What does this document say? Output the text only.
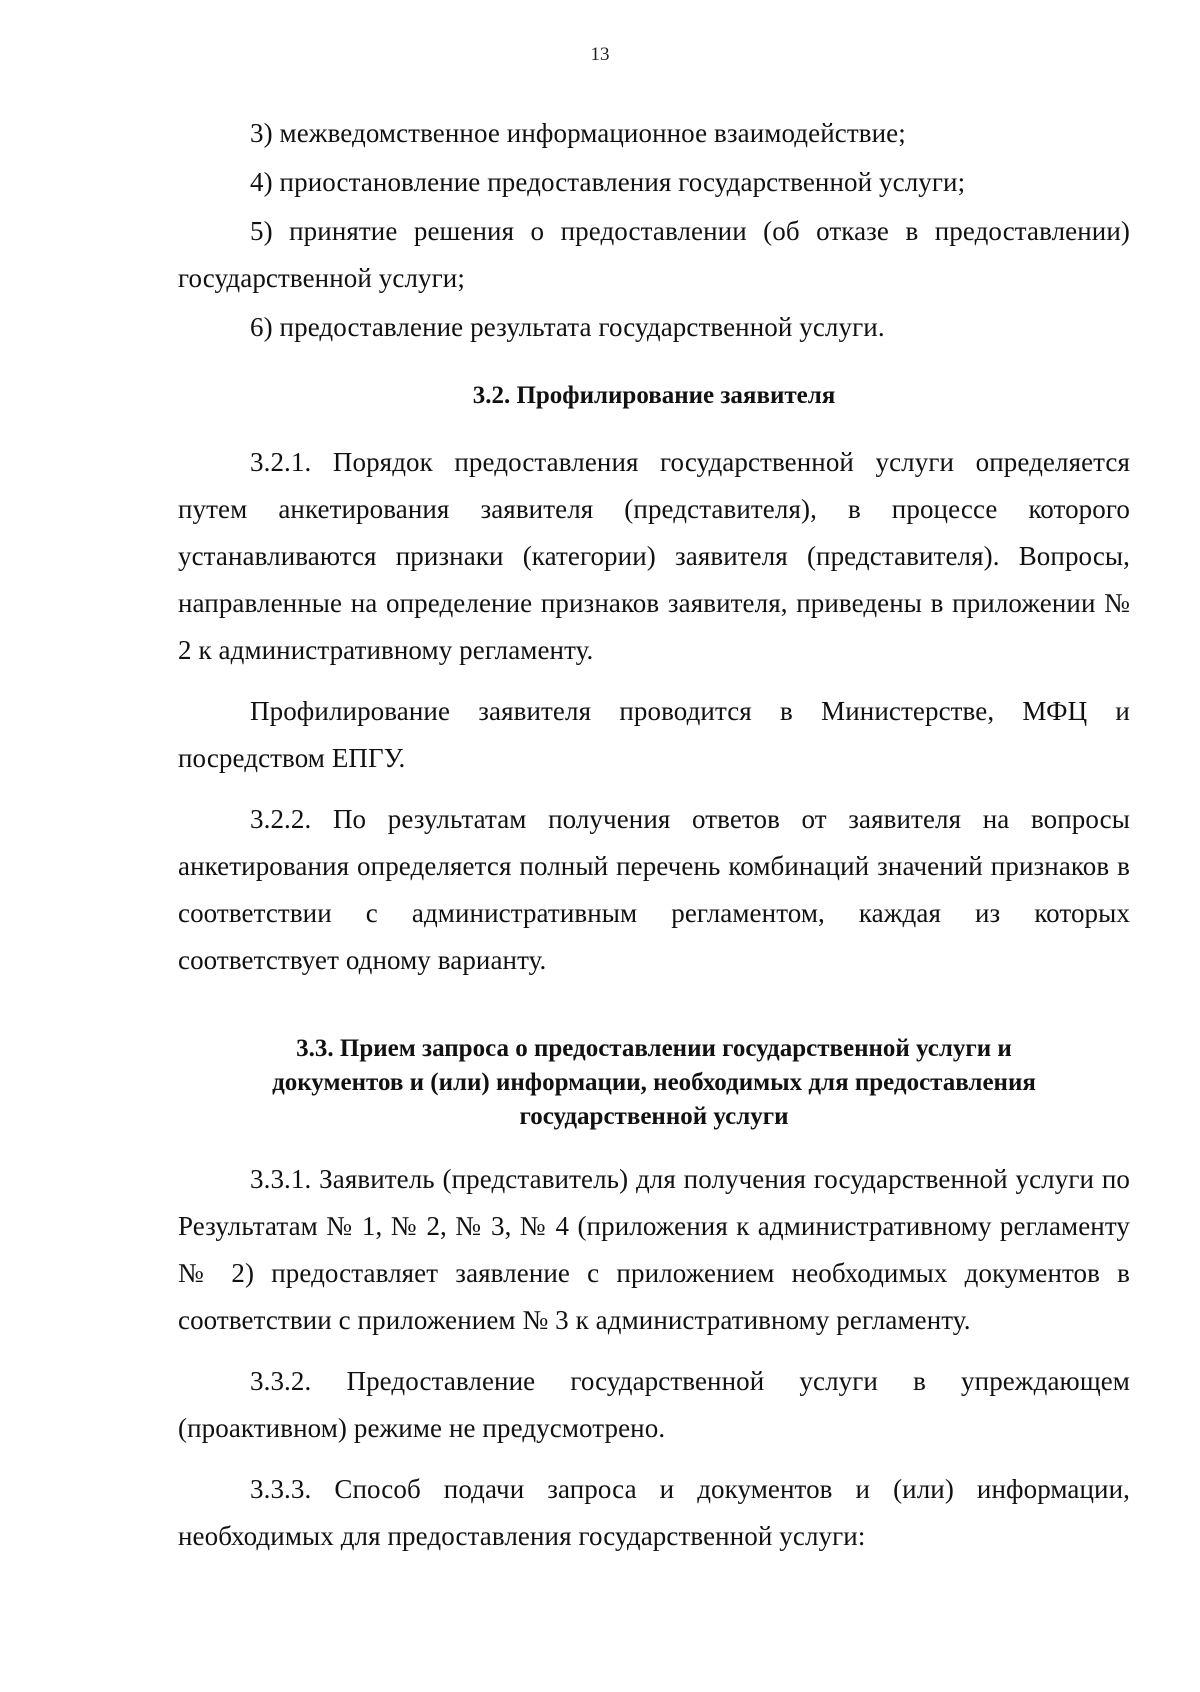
13

3) межведомственное информационное взаимодействие;

4) приостановление предоставления государственной услуги;

5) принятие решения о предоставлении (об отказе в предоставлении) государственной услуги;

6) предоставление результата государственной услуги.

3.2. Профилирование заявителя

3.2.1. Порядок предоставления государственной услуги определяется путем анкетирования заявителя (представителя), в процессе которого устанавливаются признаки (категории) заявителя (представителя). Вопросы, направленные на определение признаков заявителя, приведены в приложении № 2 к административному регламенту.

Профилирование заявителя проводится в Министерстве, МФЦ и посредством ЕПГУ.

3.2.2. По результатам получения ответов от заявителя на вопросы анкетирования определяется полный перечень комбинаций значений признаков в соответствии с административным регламентом, каждая из которых соответствует одному варианту.

3.3. Прием запроса о предоставлении государственной услуги и
документов и (или) информации, необходимых для предоставления
государственной услуги

3.3.1. Заявитель (представитель) для получения государственной услуги по Результатам № 1, № 2, № 3, № 4 (приложения к административному регламенту № 2) предоставляет заявление с приложением необходимых документов в соответствии с приложением № 3 к административному регламенту.

3.3.2. Предоставление государственной услуги в упреждающем (проактивном) режиме не предусмотрено.

3.3.3. Способ подачи запроса и документов и (или) информации, необходимых для предоставления государственной услуги:
